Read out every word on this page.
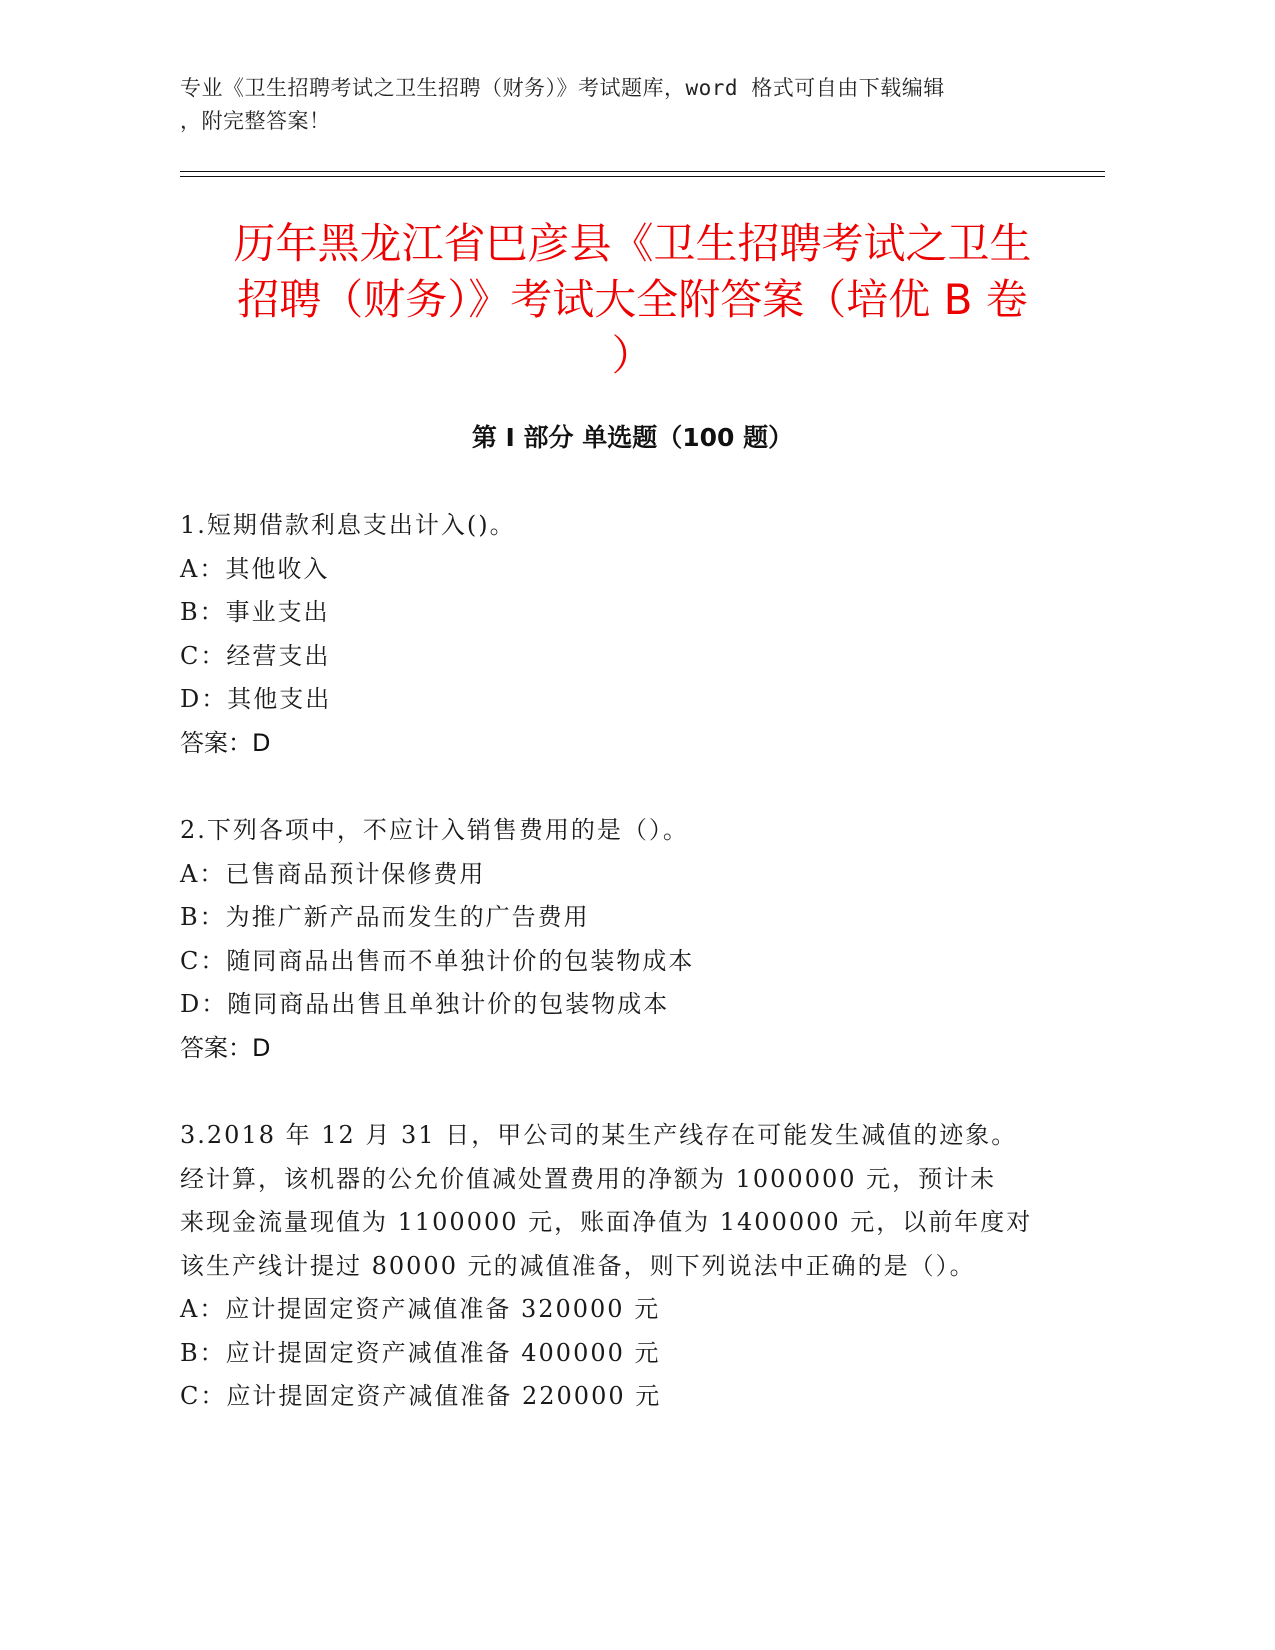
专业《卫生招聘考试之卫生招聘（财务）》考试题库，word 格式可自由下载编辑
，附完整答案！
历年黑龙江省巴彦县《卫生招聘考试之卫生
招聘（财务）》考试大全附答案（培优 B 卷
）
第 I 部分 单选题（100 题）

1.短期借款利息支出计入()。

A：其他收入

B：事业支出

C：经营支出

D：其他支出

答案：D

2.下列各项中，不应计入销售费用的是（）。

A：已售商品预计保修费用

B：为推广新产品而发生的广告费用

C：随同商品出售而不单独计价的包装物成本

D：随同商品出售且单独计价的包装物成本

答案：D

3.2018 年 12 月 31 日，甲公司的某生产线存在可能发生减值的迹象。

经计算，该机器的公允价值减处置费用的净额为 1000000 元，预计未

来现金流量现值为 1100000 元，账面净值为 1400000 元，以前年度对

该生产线计提过 80000 元的减值准备，则下列说法中正确的是（）。

A：应计提固定资产减值准备 320000 元

B：应计提固定资产减值准备 400000 元

C：应计提固定资产减值准备 220000 元
